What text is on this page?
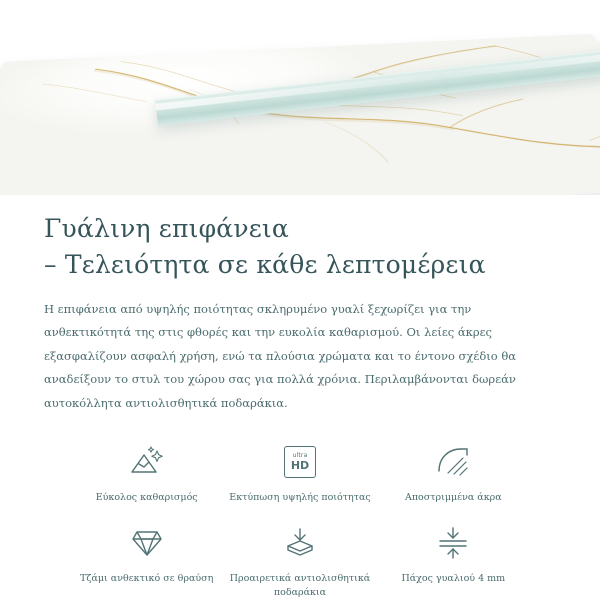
Γυάλινη επιφάνεια
– Τελειότητα σε κάθε λεπτομέρεια

Η επιφάνεια από υψηλής ποιότητας σκληρυμένο γυαλί ξεχωρίζει για την ανθεκτικότητά της στις φθορές και την ευκολία καθαρισμού. Οι λείες άκρες εξασφαλίζουν ασφαλή χρήση, ενώ τα πλούσια χρώματα και το έντονο σχέδιο θα αναδείξουν το στυλ του χώρου σας για πολλά χρόνια. Περιλαμβάνονται δωρεάν αυτοκόλλητα αντιολισθητικά ποδαράκια.

Εύκολος καθαρισμός
ultra
HD
Εκτύπωση υψηλής ποιότητας	Αποστριμμένα άκρα
Τζάμι ανθεκτικό σε θραύση	Προαιρετικά αντιολισθητικά ποδαράκια
Πάχος γυαλιού 4 mm
